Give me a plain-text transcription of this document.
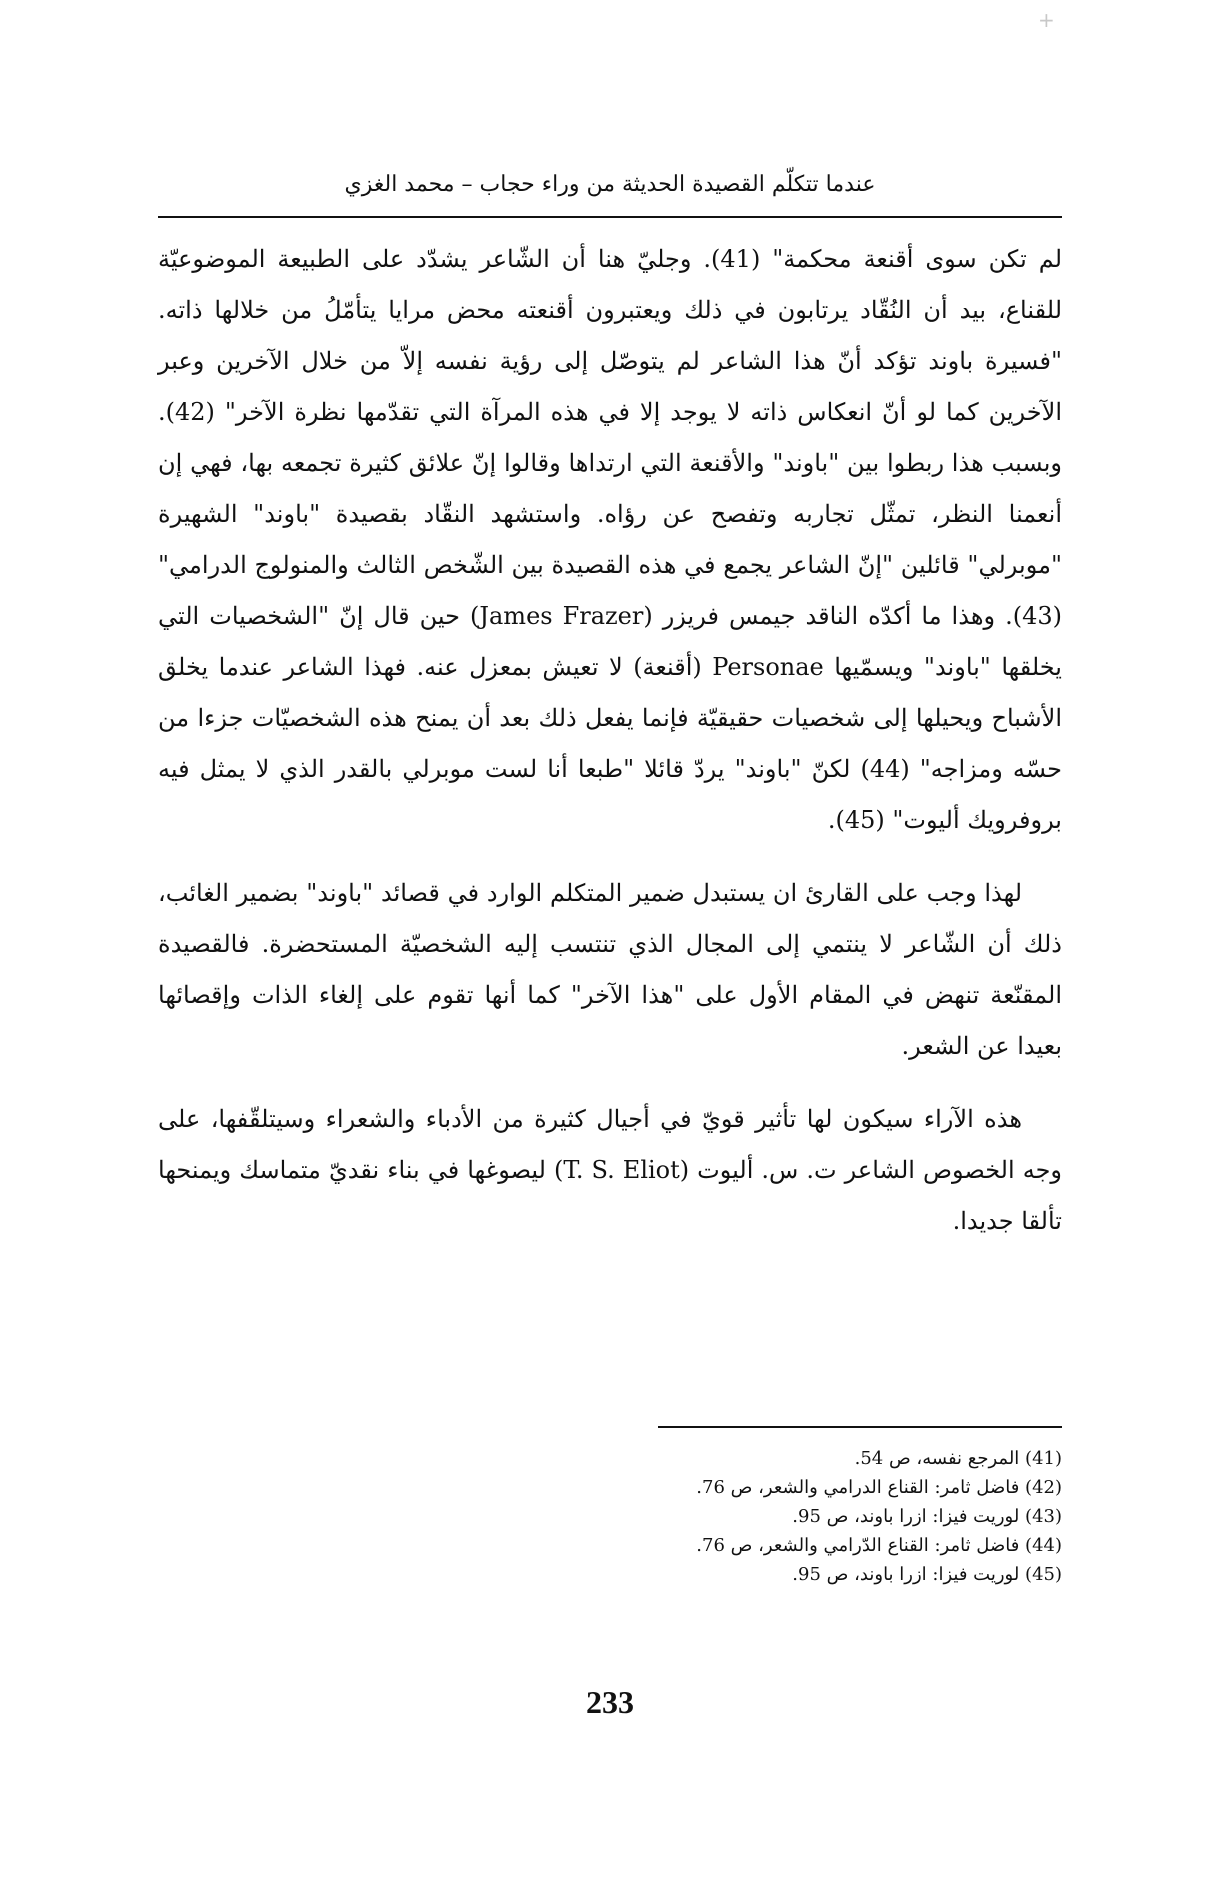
+
عندما تتكلّم القصيدة الحديثة من وراء حجاب – محمد الغزي

لم تكن سوى أقنعة محكمة" (41). وجليّ هنا أن الشّاعر يشدّد على الطبيعة الموضوعيّة للقناع، بيد أن النُقّاد يرتابون في ذلك ويعتبرون أقنعته محض مرايا يتأمّلُ من خلالها ذاته. "فسيرة باوند تؤكد أنّ هذا الشاعر لم يتوصّل إلى رؤية نفسه إلاّ من خلال الآخرين وعبر الآخرين كما لو أنّ انعكاس ذاته لا يوجد إلا في هذه المرآة التي تقدّمها نظرة الآخر" (42). وبسبب هذا ربطوا بين "باوند" والأقنعة التي ارتداها وقالوا إنّ علائق كثيرة تجمعه بها، فهي إن أنعمنا النظر، تمثّل تجاربه وتفصح عن رؤاه. واستشهد النقّاد بقصيدة "باوند" الشهيرة "موبرلي" قائلين "إنّ الشاعر يجمع في هذه القصيدة بين الشّخص الثالث والمنولوج الدرامي" (43). وهذا ما أكدّه الناقد جيمس فريزر (James Frazer) حين قال إنّ "الشخصيات التي يخلقها "باوند" ويسمّيها Personae (أقنعة) لا تعيش بمعزل عنه. فهذا الشاعر عندما يخلق الأشباح ويحيلها إلى شخصيات حقيقيّة فإنما يفعل ذلك بعد أن يمنح هذه الشخصيّات جزءا من حسّه ومزاجه" (44) لكنّ "باوند" يردّ قائلا "طبعا أنا لست موبرلي بالقدر الذي لا يمثل فيه بروفرويك أليوت" (45).

لهذا وجب على القارئ ان يستبدل ضمير المتكلم الوارد في قصائد "باوند" بضمير الغائب، ذلك أن الشّاعر لا ينتمي إلى المجال الذي تنتسب إليه الشخصيّة المستحضرة. فالقصيدة المقنّعة تنهض في المقام الأول على "هذا الآخر" كما أنها تقوم على إلغاء الذات وإقصائها بعيدا عن الشعر.

هذه الآراء سيكون لها تأثير قويّ في أجيال كثيرة من الأدباء والشعراء وسيتلقّفها، على وجه الخصوص الشاعر ت. س. أليوت (T. S. Eliot) ليصوغها في بناء نقديّ متماسك ويمنحها تألقا جديدا.

(41) المرجع نفسه، ص 54.
(42) فاضل ثامر: القناع الدرامي والشعر، ص 76.
(43) لوريت فيزا: ازرا باوند، ص 95.
(44) فاضل ثامر: القناع الدّرامي والشعر، ص 76.
(45) لوريت فيزا: ازرا باوند، ص 95.
233
